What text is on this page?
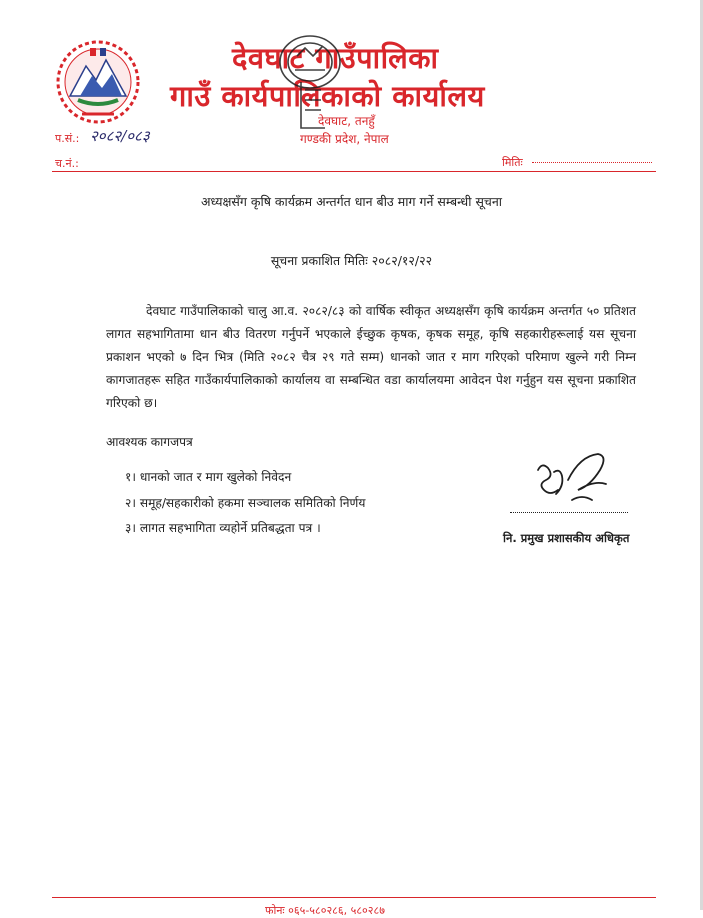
देवघाट गाउँपालिका
गाउँ कार्यपालिकाको कार्यालय
देवघाट, तनहुँ
गण्डकी प्रदेश, नेपाल
प.सं.: २०८२/०८३
च.नं.:	मितिः
अध्यक्षसँग कृषि कार्यक्रम अन्तर्गत धान बीउ माग गर्ने सम्बन्धी सूचना
सूचना प्रकाशित मितिः २०८२/१२/२२
देवघाट गाउँपालिकाको चालु आ.व. २०८२/८३ को वार्षिक स्वीकृत अध्यक्षसँग कृषि कार्यक्रम अन्तर्गत ५० प्रतिशत लागत सहभागितामा धान बीउ वितरण गर्नुपर्ने भएकाले ईच्छुक कृषक, कृषक समूह, कृषि सहकारीहरूलाई यस सूचना प्रकाशन भएको ७ दिन भित्र (मिति २०८२ चैत्र २९ गते सम्म) धानको जात र माग गरिएको परिमाण खुल्ने गरी निम्न कागजातहरू सहित गाउँकार्यपालिकाको कार्यालय वा सम्बन्धित वडा कार्यालयमा आवेदन पेश गर्नुहुन यस सूचना प्रकाशित गरिएको छ।
आवश्यक कागजपत्र
१। धानको जात र माग खुलेको निवेदन
२। समूह/सहकारीको हकमा सञ्चालक समितिको निर्णय
३। लागत सहभागिता व्यहोर्ने प्रतिबद्धता पत्र ।
नि. प्रमुख प्रशासकीय अधिकृत
फोनः ०६५-५८०२८६, ५८०२८७
